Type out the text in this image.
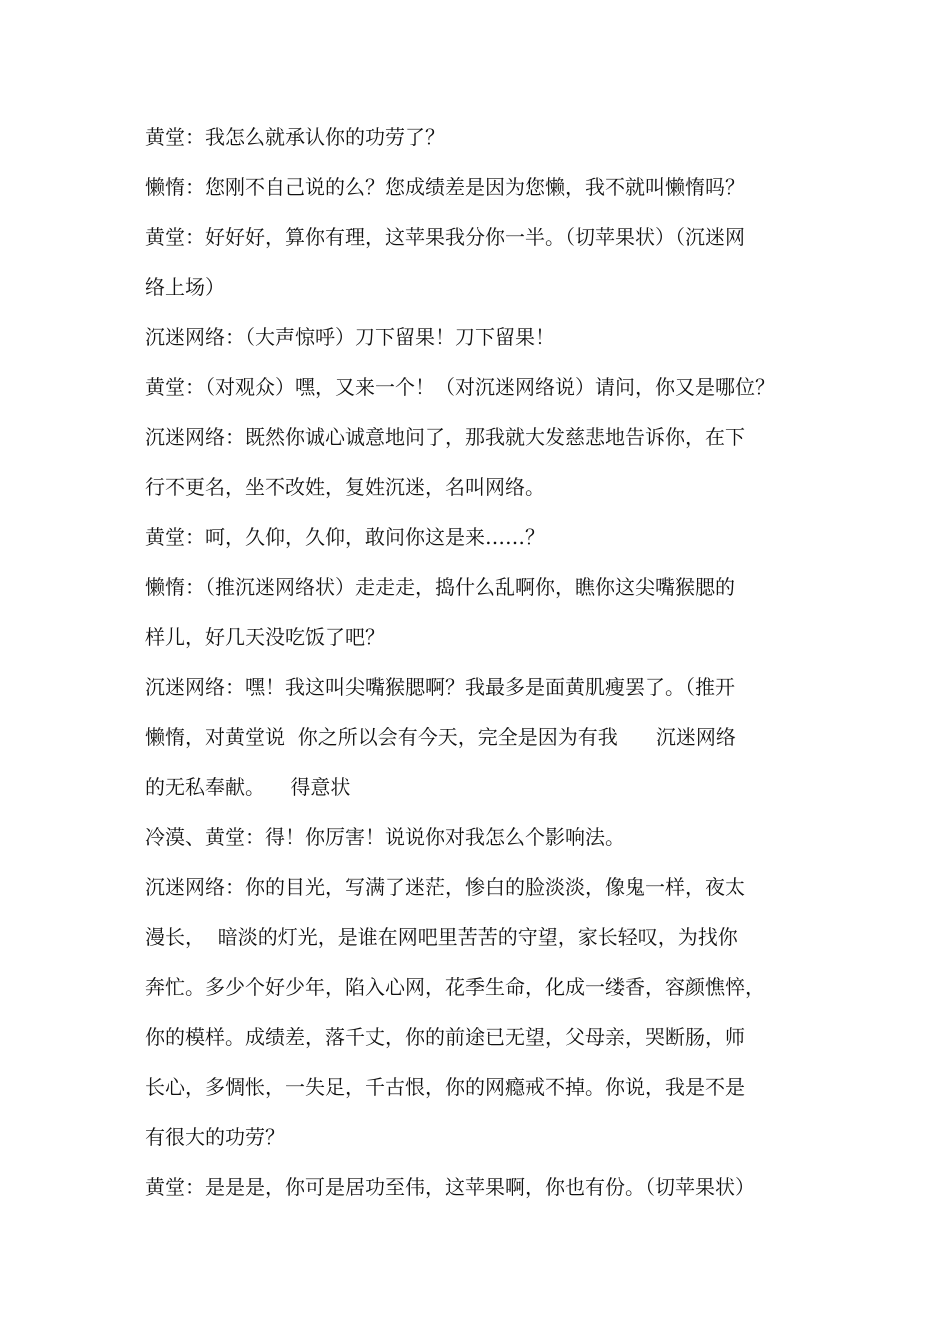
黄堂：我怎么就承认你的功劳了？

懒惰：您刚不自己说的么？您成绩差是因为您懒，我不就叫懒惰吗？

黄堂：好好好，算你有理，这苹果我分你一半。（切苹果状）（沉迷网

络上场）

沉迷网络：（大声惊呼）刀下留果！刀下留果！

黄堂：（对观众）嘿，又来一个！（对沉迷网络说）请问，你又是哪位？

沉迷网络：既然你诚心诚意地问了，那我就大发慈悲地告诉你，在下

行不更名，坐不改姓，复姓沉迷，名叫网络。

黄堂：呵，久仰，久仰，敢问你这是来……？

懒惰：（推沉迷网络状）走走走，捣什么乱啊你，瞧你这尖嘴猴腮的

样儿，好几天没吃饭了吧？

沉迷网络：嘿！我这叫尖嘴猴腮啊？我最多是面黄肌瘦罢了。（推开

懒惰，对黄堂说  你之所以会有今天，完全是因为有我      沉迷网络

的无私奉献。    得意状

冷漠、黄堂：得！你厉害！说说你对我怎么个影响法。

沉迷网络：你的目光，写满了迷茫，惨白的脸淡淡，像鬼一样，夜太

漫长，  暗淡的灯光，是谁在网吧里苦苦的守望，家长轻叹，为找你

奔忙。多少个好少年，陷入心网，花季生命，化成一缕香，容颜憔悴，

你的模样。成绩差，落千丈，你的前途已无望，父母亲，哭断肠，师

长心，多惆怅，一失足，千古恨，你的网瘾戒不掉。你说，我是不是

有很大的功劳？

黄堂：是是是，你可是居功至伟，这苹果啊，你也有份。（切苹果状）
